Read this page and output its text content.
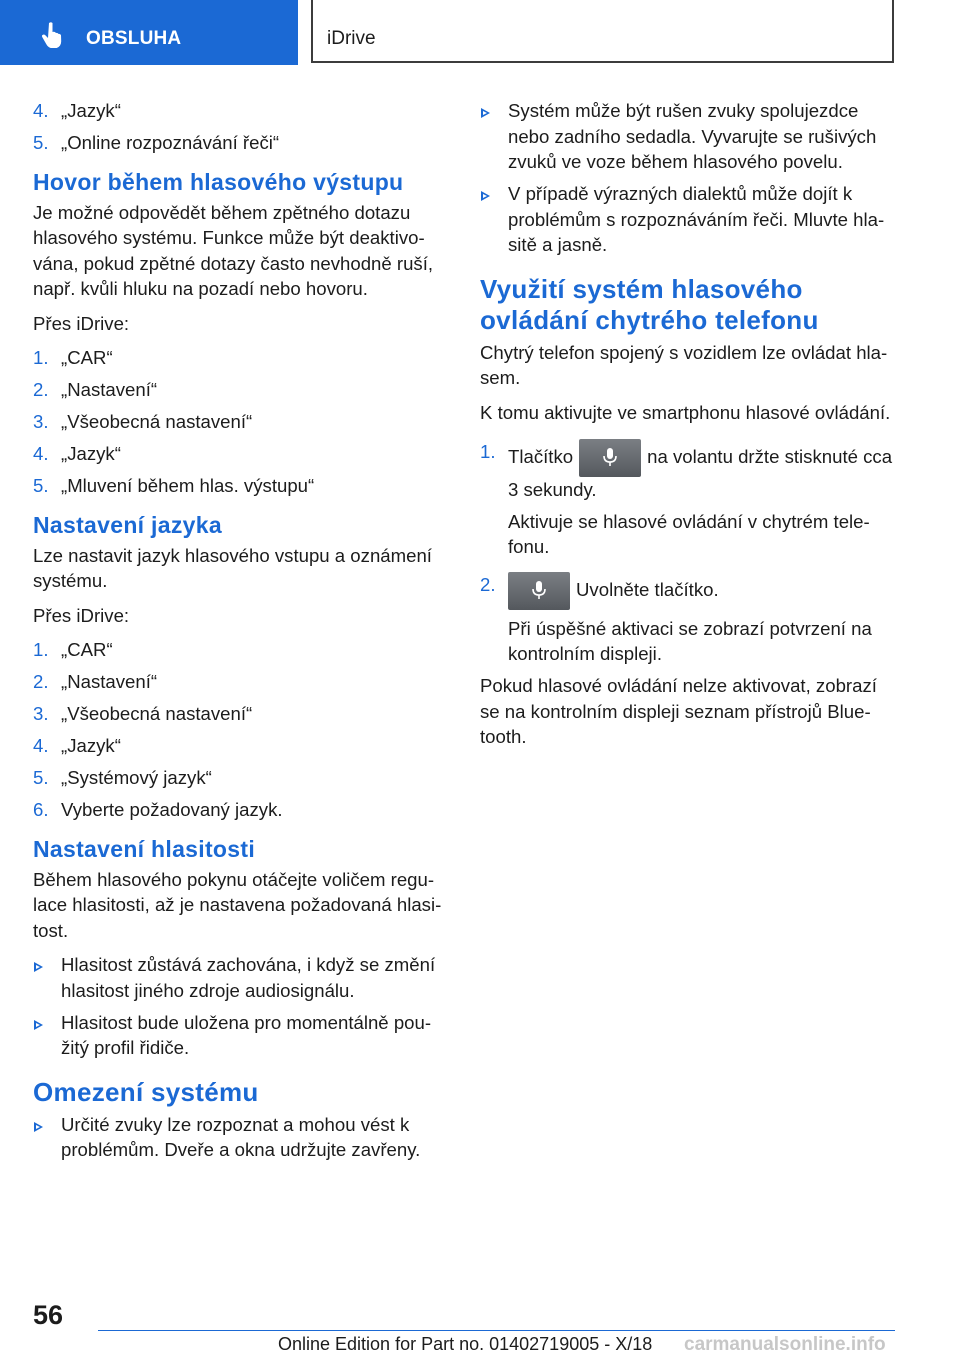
OBSLUHA	iDrive
4. „Jazyk“
5. „Online rozpoznávání řeči“
Hovor během hlasového výstupu

Je možné odpovědět během zpětného dotazu hlasového systému. Funkce může být deaktivována, pokud zpětné dotazy často nevhodně ruší, např. kvůli hluku na pozadí nebo hovoru.

Přes iDrive:

1. „CAR“
2. „Nastavení“
3. „Všeobecná nastavení“
4. „Jazyk“
5. „Mluvení během hlas. výstupu“
Nastavení jazyka

Lze nastavit jazyk hlasového vstupu a oznámení systému.

Přes iDrive:

1. „CAR“
2. „Nastavení“
3. „Všeobecná nastavení“
4. „Jazyk“
5. „Systémový jazyk“
6. Vyberte požadovaný jazyk.
Nastavení hlasitosti

Během hlasového pokynu otáčejte voličem regulace hlasitosti, až je nastavena požadovaná hlasitost.

Hlasitost zůstává zachována, i když se změní hlasitost jiného zdroje audiosignálu.
Hlasitost bude uložena pro momentálně použitý profil řidiče.
Omezení systému
Určité zvuky lze rozpoznat a mohou vést k problémům. Dveře a okna udržujte zavřeny.
Systém může být rušen zvuky spolujezdce nebo zadního sedadla. Vyvarujte se rušivých zvuků ve voze během hlasového povelu.
V případě výrazných dialektů může dojít k problémům s rozpoznáváním řeči. Mluvte hlasitě a jasně.
Využití systém hlasového ovládání chytrého telefonu

Chytrý telefon spojený s vozidlem lze ovládat hlasem.

K tomu aktivujte ve smartphonu hlasové ovládání.

1. Tlačítko	na volantu držte stisknuté cca 3 sekundy.

Aktivuje se hlasové ovládání v chytrém telefonu.

2.	Uvolněte tlačítko.

Při úspěšné aktivaci se zobrazí potvrzení na kontrolním displeji.

Pokud hlasové ovládání nelze aktivovat, zobrazí se na kontrolním displeji seznam přístrojů Bluetooth.

56
Online Edition for Part no. 01402719005 - X/18 carmanualsonline.info
